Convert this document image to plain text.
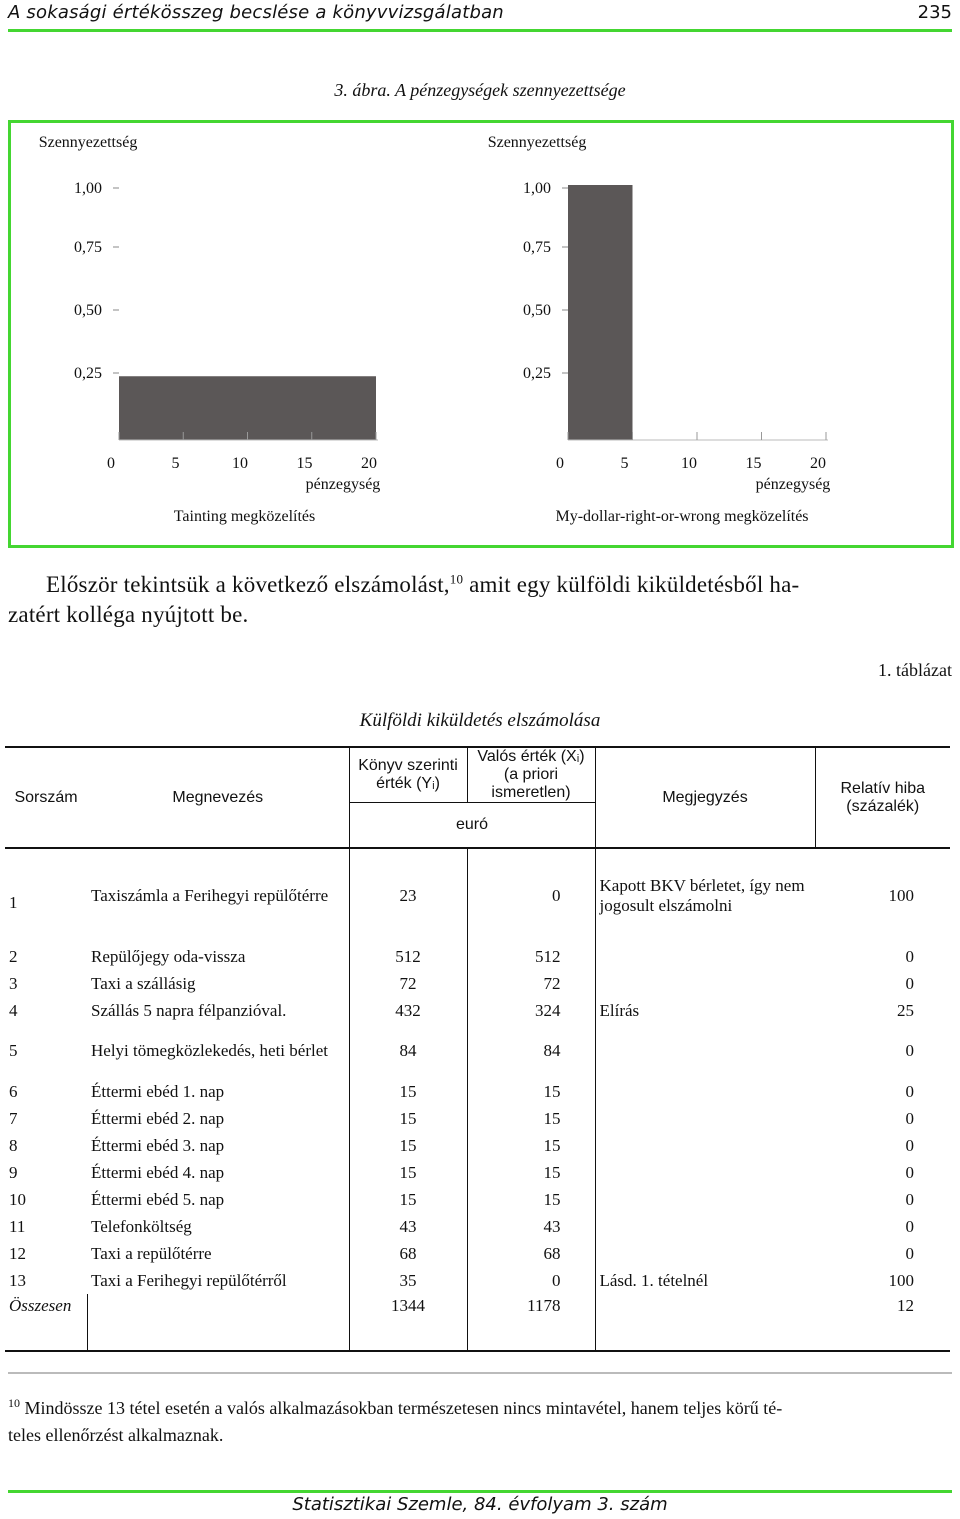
A sokasági értékösszeg becslése a könyvvizsgálatban	235
3. ábra. A pénzegységek szennyezettsége
Szennyezettség
0,25
0,50
0,75
1,00
0	5	10	15	20
pénzegység
Tainting megközelítés
Szennyezettség
0,25
0,50
0,75
1,00
0	5	10	15	20
pénzegység
My-dollar-right-or-wrong megközelítés
Először tekintsük a következő elszámolást,$^{10}$ amit egy külföldi kiküldetésből ha-
zatért kolléga nyújtott be.
1. táblázat
Külföldi kiküldetés elszámolása
Sorszám	Megnevezés	Könyv szerinti érték (Yᵢ)	Valós érték (Xᵢ) (a priori ismeretlen)	Megjegyzés	Relatív hiba (százalék)
		euró			
1	Taxiszámla a Ferihegyi repülőtérre	23	0	Kapott BKV bérletet, így nem jogosult elszámolni	100
2	Repülőjegy oda-vissza	512	512		0
3	Taxi a szállásig	72	72		0
4	Szállás 5 napra félpanzióval.	432	324	Elírás	25
5	Helyi tömegközlekedés, heti bérlet	84	84		0
6	Éttermi ebéd 1. nap	15	15		0
7	Éttermi ebéd 2. nap	15	15		0
8	Éttermi ebéd 3. nap	15	15		0
9	Éttermi ebéd 4. nap	15	15		0
10	Éttermi ebéd 5. nap	15	15		0
11	Telefonköltség	43	43		0
12	Taxi a repülőtérre	68	68		0
13	Taxi a Ferihegyi repülőtérről	35	0	Lásd. 1. tételnél	100
Összesen		1344	1178		12
$^{10}$ Mindössze 13 tétel esetén a valós alkalmazásokban természetesen nincs mintavétel, hanem teljes körű té-
teles ellenőrzést alkalmaznak.
Statisztikai Szemle, 84. évfolyam 3. szám
